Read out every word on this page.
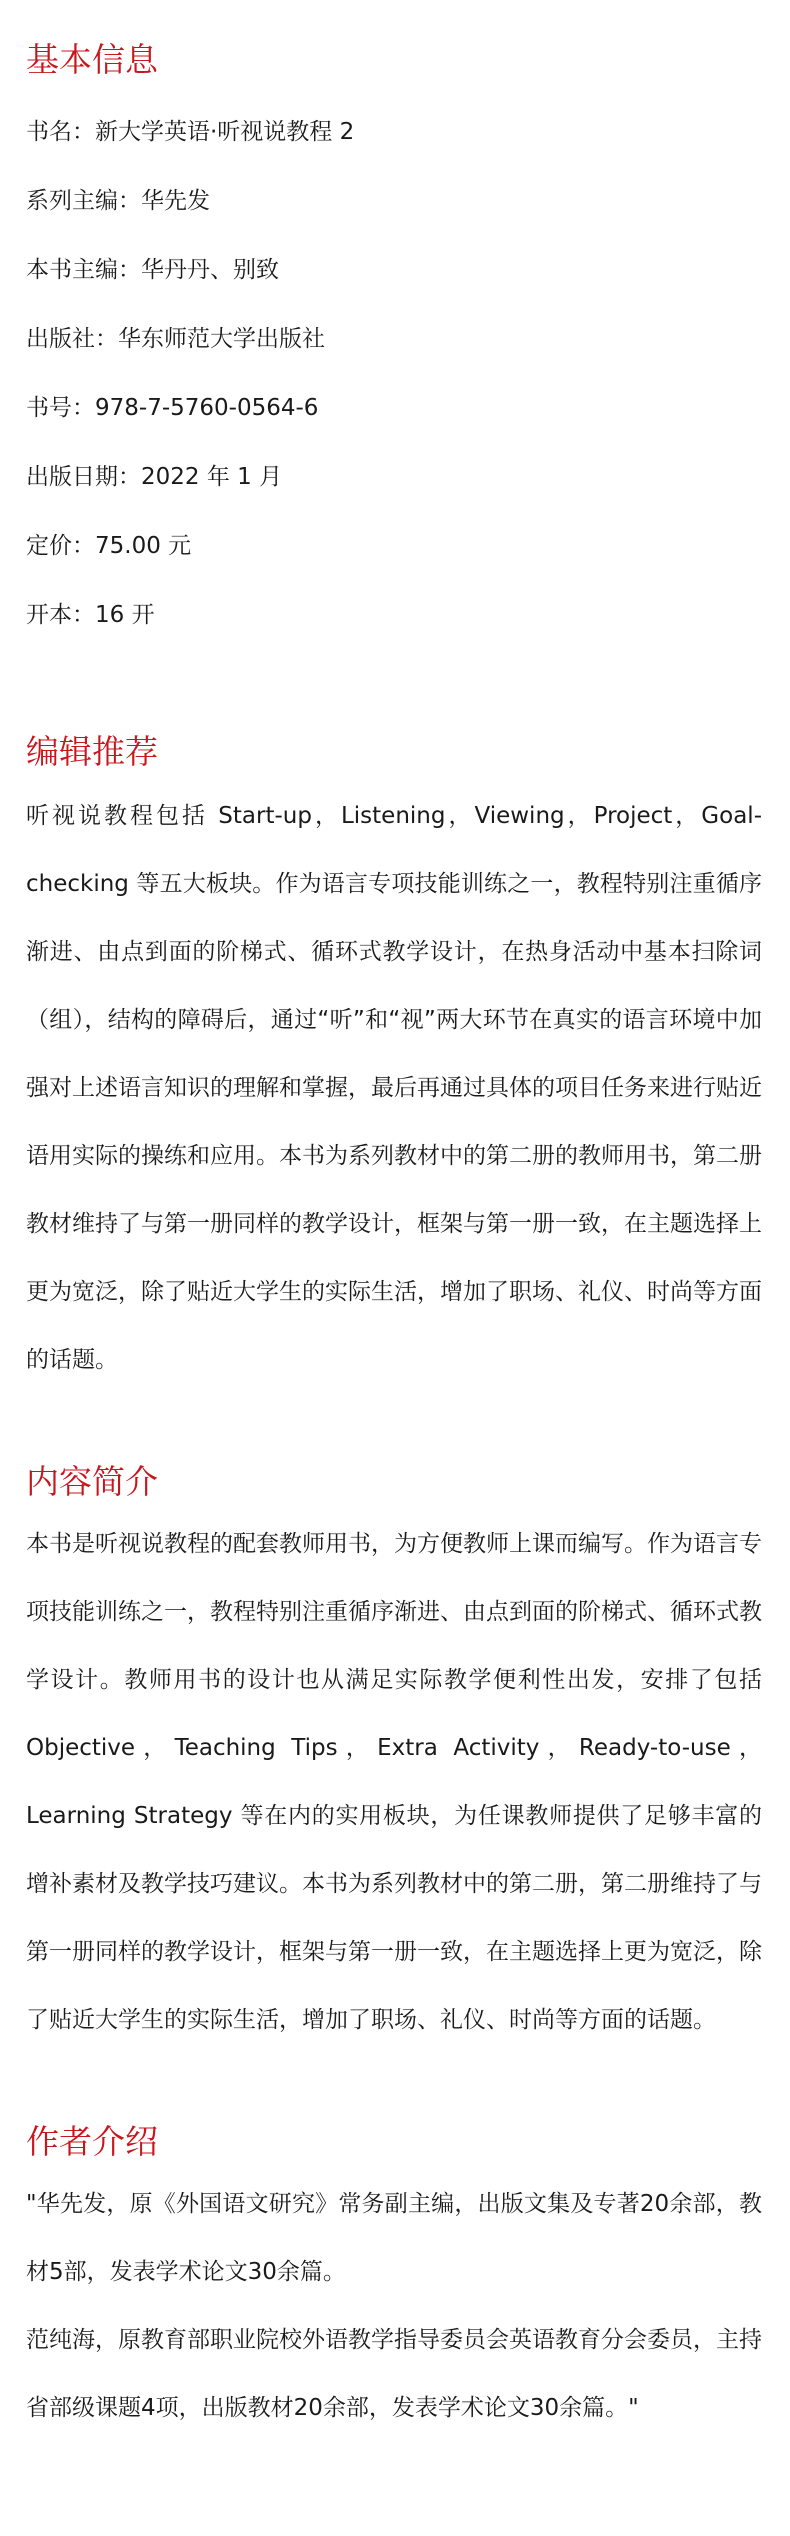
基本信息

书名：新大学英语·听视说教程 2

系列主编：华先发

本书主编：华丹丹、别致

出版社：华东师范大学出版社

书号：978-7-5760-0564-6

出版日期：2022 年 1 月

定价：75.00 元

开本：16 开

编辑推荐

听视说教程包括 Start-up，Listening，Viewing，Project，Goal-checking 等五大板块。作为语言专项技能训练之一，教程特别注重循序渐进、由点到面的阶梯式、循环式教学设计，在热身活动中基本扫除词（组），结构的障碍后，通过“听”和“视”两大环节在真实的语言环境中加强对上述语言知识的理解和掌握，最后再通过具体的项目任务来进行贴近语用实际的操练和应用。本书为系列教材中的第二册的教师用书，第二册教材维持了与第一册同样的教学设计，框架与第一册一致，在主题选择上更为宽泛，除了贴近大学生的实际生活，增加了职场、礼仪、时尚等方面的话题。

内容简介

本书是听视说教程的配套教师用书，为方便教师上课而编写。作为语言专项技能训练之一，教程特别注重循序渐进、由点到面的阶梯式、循环式教学设计。教师用书的设计也从满足实际教学便利性出发，安排了包括Objective，Teaching Tips，Extra Activity，Ready-to-use，Learning Strategy 等在内的实用板块，为任课教师提供了足够丰富的增补素材及教学技巧建议。本书为系列教材中的第二册，第二册维持了与第一册同样的教学设计，框架与第一册一致，在主题选择上更为宽泛，除了贴近大学生的实际生活，增加了职场、礼仪、时尚等方面的话题。

作者介绍

"华先发，原《外国语文研究》常务副主编，出版文集及专著20余部，教材5部，发表学术论文30余篇。

范纯海，原教育部职业院校外语教学指导委员会英语教育分会委员，主持省部级课题4项，出版教材20余部，发表学术论文30余篇。"
